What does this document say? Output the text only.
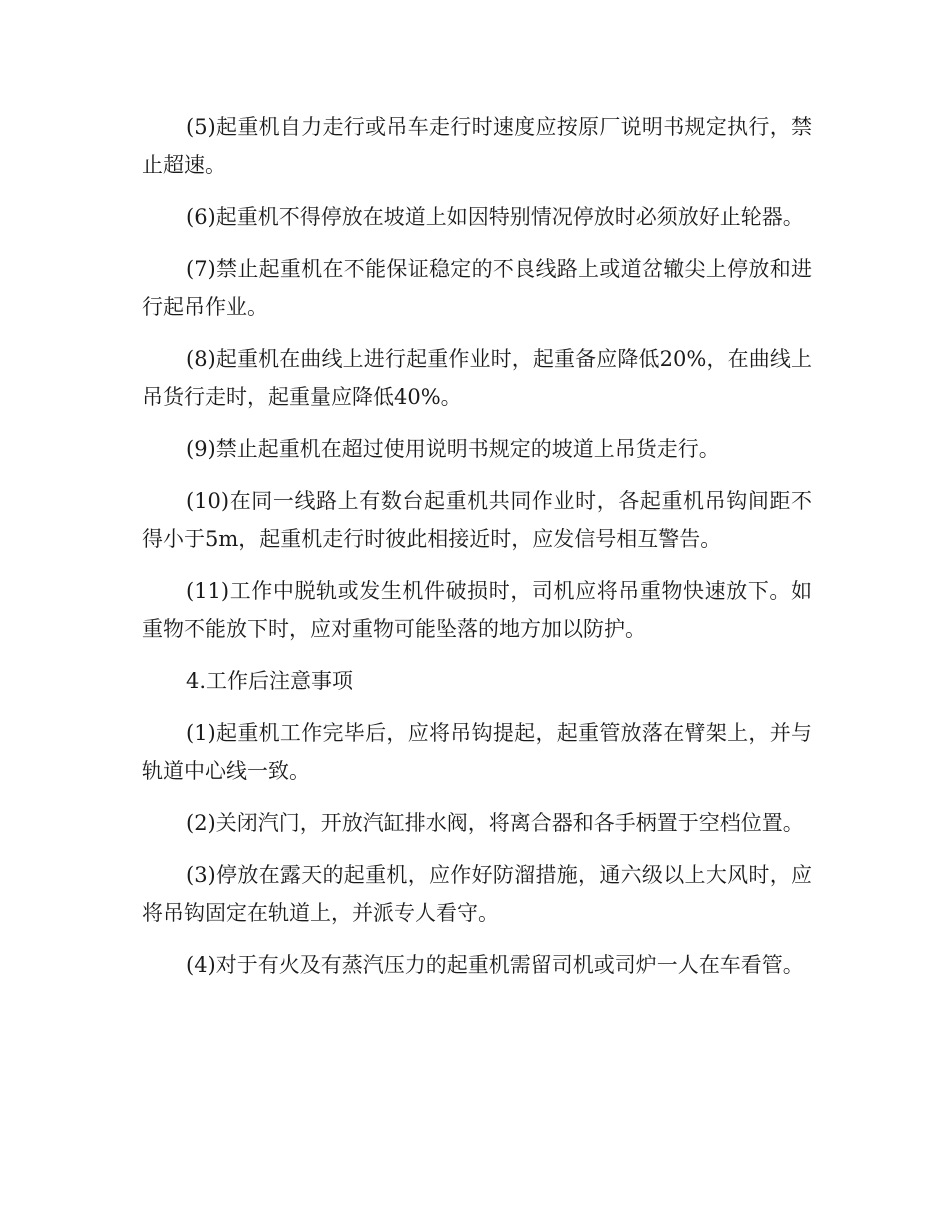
(5)起重机自力走行或吊车走行时速度应按原厂说明书规定执行，禁止超速。

(6)起重机不得停放在坡道上如因特别情况停放时必须放好止轮器。

(7)禁止起重机在不能保证稳定的不良线路上或道岔辙尖上停放和进行起吊作业。

(8)起重机在曲线上进行起重作业时，起重备应降低20%，在曲线上吊货行走时，起重量应降低40%。

(9)禁止起重机在超过使用说明书规定的坡道上吊货走行。

(10)在同一线路上有数台起重机共同作业时，各起重机吊钩间距不得小于5m，起重机走行时彼此相接近时，应发信号相互警告。

(11)工作中脱轨或发生机件破损时，司机应将吊重物快速放下。如重物不能放下时，应对重物可能坠落的地方加以防护。

4.工作后注意事项

(1)起重机工作完毕后，应将吊钩提起，起重管放落在臂架上，并与轨道中心线一致。

(2)关闭汽门，开放汽缸排水阀，将离合器和各手柄置于空档位置。

(3)停放在露天的起重机，应作好防溜措施，通六级以上大风时，应将吊钩固定在轨道上，并派专人看守。

(4)对于有火及有蒸汽压力的起重机需留司机或司炉一人在车看管。
